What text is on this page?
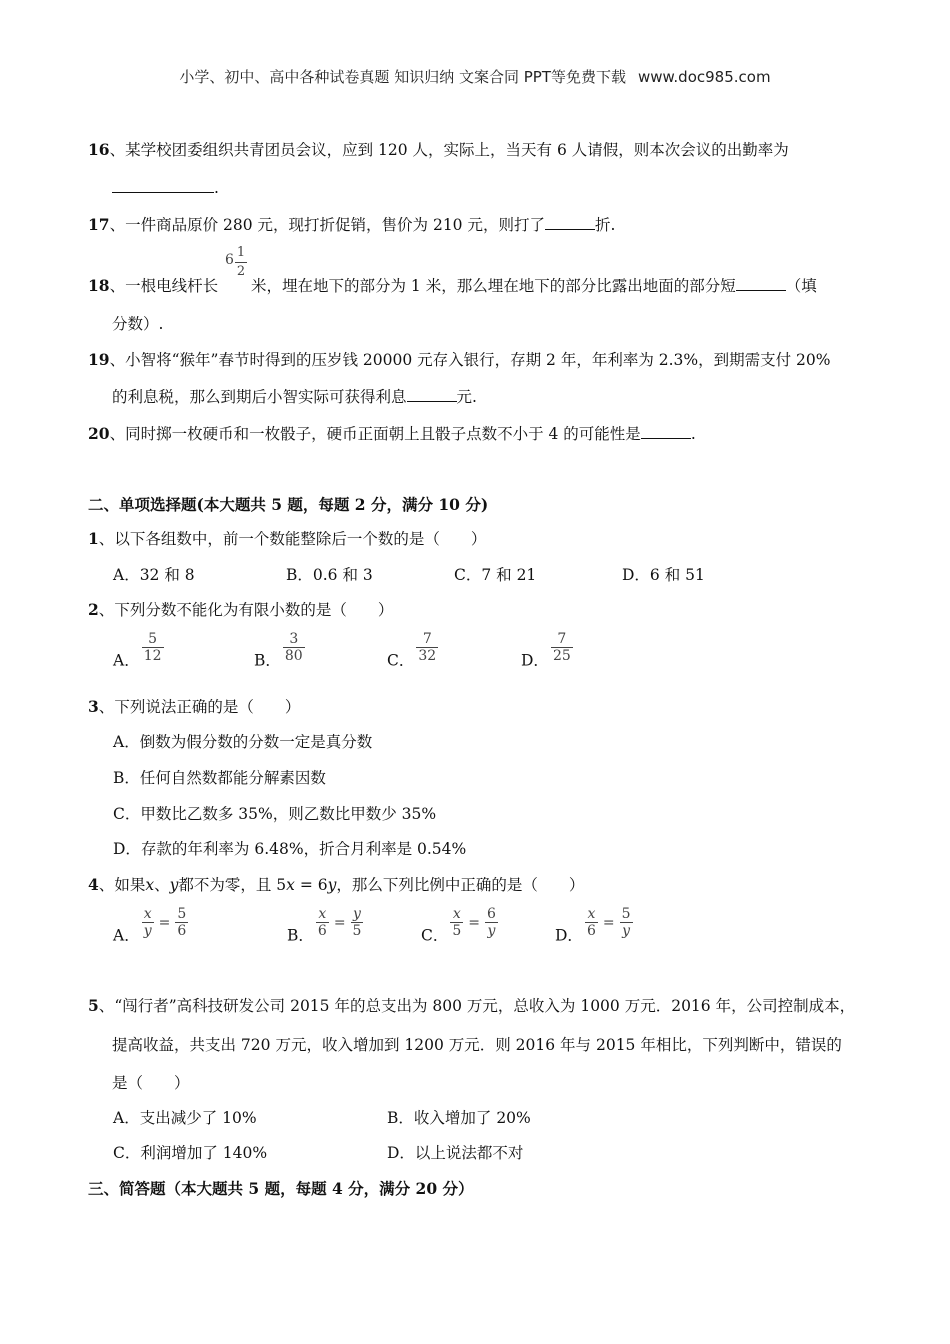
小学、初中、高中各种试卷真题 知识归纳 文案合同 PPT等免费下载 www.doc985.com
16、某学校团委组织共青团员会议，应到 120 人，实际上，当天有 6 人请假，则本次会议的出勤率为
.
17、一件商品原价 280 元，现打折促销，售价为 210 元，则打了	折.
6 1
2
18、一根电线杆长 米，埋在地下的部分为 1 米，那么埋在地下的部分比露出地面的部分短	（填
分数）.
19、小智将“猴年”春节时得到的压岁钱 20000 元存入银行，存期 2 年，年利率为 2.3%，到期需支付 20%
的利息税，那么到期后小智实际可获得利息	元.
20、同时掷一枚硬币和一枚骰子，硬币正面朝上且骰子点数不小于 4 的可能性是	.
二、单项选择题(本大题共 5 题，每题 2 分，满分 10 分)
1、以下各组数中，前一个数能整除后一个数的是（　　）
A．32 和 8	B．0.6 和 3	C．7 和 21	D．6 和 51
2、下列分数不能化为有限小数的是（　　）
A． $\frac{5}{12}$	B． $\frac{3}{80}$	C． $\frac{7}{32}$	D． $\frac{7}{25}$
3、下列说法正确的是（　　）
A．倒数为假分数的分数一定是真分数
B．任何自然数都能分解素因数
C．甲数比乙数多 35%，则乙数比甲数少 35%
D．存款的年利率为 6.48%，折合月利率是 0.54%
4、如果x、y都不为零，且 5x = 6y，那么下列比例中正确的是（　　）
A． $\frac{x}{y} = \frac{5}{6}$	B． $\frac{x}{6} = \frac{y}{5}$	C． $\frac{x}{5} = \frac{6}{y}$	D． $\frac{x}{6} = \frac{5}{y}$
5、“闯行者”高科技研发公司 2015 年的总支出为 800 万元，总收入为 1000 万元．2016 年，公司控制成本，
提高收益，共支出 720 万元，收入增加到 1200 万元．则 2016 年与 2015 年相比，下列判断中，错误的
是（　　）
A．支出减少了 10%	B．收入增加了 20%
C．利润增加了 140%	D．以上说法都不对
三、简答题（本大题共 5 题，每题 4 分，满分 20 分）
